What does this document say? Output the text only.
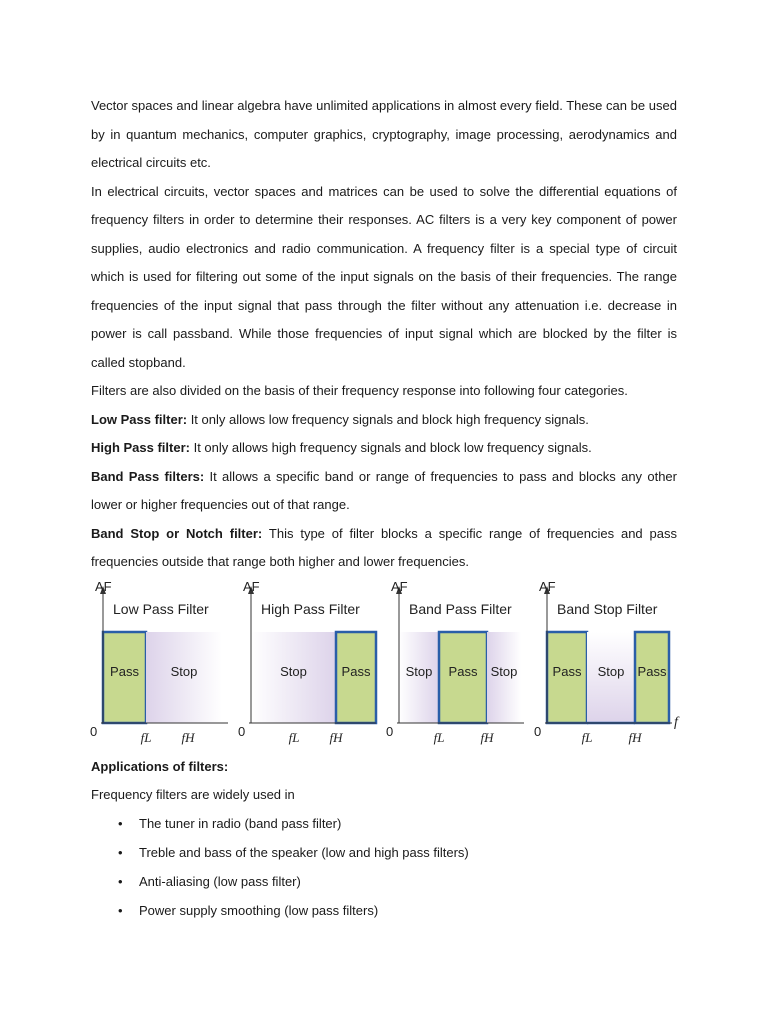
Vector spaces and linear algebra have unlimited applications in almost every field. These can be used by in quantum mechanics, computer graphics, cryptography, image processing, aerodynamics and electrical circuits etc.

In electrical circuits, vector spaces and matrices can be used to solve the differential equations of frequency filters in order to determine their responses. AC filters is a very key component of power supplies, audio electronics and radio communication. A frequency filter is a special type of circuit which is used for filtering out some of the input signals on the basis of their frequencies. The range frequencies of the input signal that pass through the filter without any attenuation i.e. decrease in power is call passband. While those frequencies of input signal which are blocked by the filter is called stopband.

Filters are also divided on the basis of their frequency response into following four categories.

Low Pass filter: It only allows low frequency signals and block high frequency signals.

High Pass filter: It only allows high frequency signals and block low frequency signals.

Band Pass filters: It allows a specific band or range of frequencies to pass and blocks any other lower or higher frequencies out of that range.

Band Stop or Notch filter: This type of filter blocks a specific range of frequencies and pass frequencies outside that range both higher and lower frequencies.

Pass Stop
AF
Low Pass Filter
0	fL fH
Stop	Pass
AF
High Pass Filter
0	fL fH
Stop Pass Stop
AF
Band Pass Filter
0	fL	fH
Pass Stop Pass
AF
Band Stop Filter
0	fL	fH
f

Applications of filters:

Frequency filters are widely used in

• The tuner in radio (band pass filter)
• Treble and bass of the speaker (low and high pass filters)
• Anti-aliasing (low pass filter)
• Power supply smoothing (low pass filters)
